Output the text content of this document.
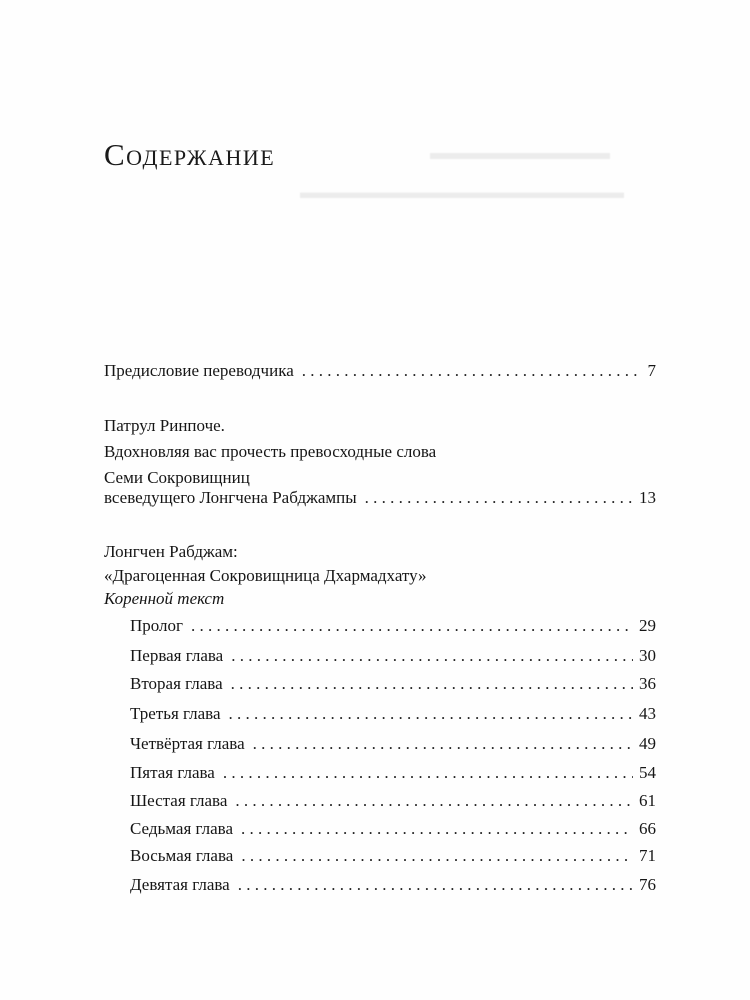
▬▬▬▬▬▬▬▬▬
▬▬▬▬▬▬▬▬▬▬▬▬▬▬▬▬▬▬
Содержание
Предисловие переводчика . . .	7
Патрул Ринпоче.
Вдохновляя вас прочесть превосходные слова
Семи Сокровищниц
всеведущего Лонгчена Рабджампы . . .	13
Лонгчен Рабджам:
«Драгоценная Сокровищница Дхармадхату»
Коренной текст
Пролог . . .	29
Первая глава . . .	30
Вторая глава . . .	36
Третья глава . . .	43
Четвёртая глава . . .	49
Пятая глава . . .	54
Шестая глава . . .	61
Седьмая глава . . .	66
Восьмая глава . . .	71
Девятая глава . . .	76
